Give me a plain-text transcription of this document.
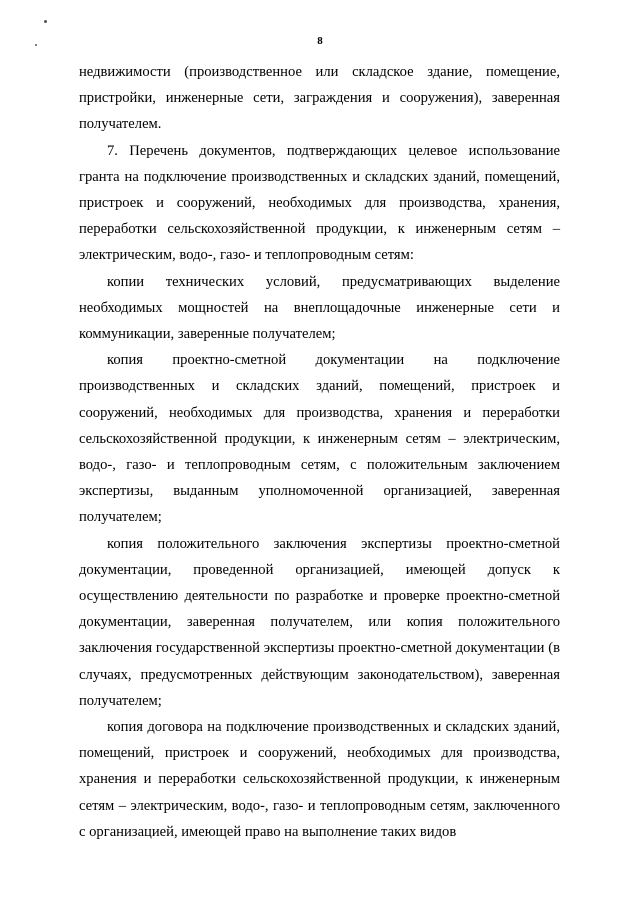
8

недвижимости (производственное или складское здание, помещение, пристройки, инженерные сети, заграждения и сооружения), заверенная получателем.

7. Перечень документов, подтверждающих целевое использование гранта на подключение производственных и складских зданий, помещений, пристроек и сооружений, необходимых для производства, хранения, переработки сельскохозяйственной продукции, к инженерным сетям – электрическим, водо-, газо- и теплопроводным сетям:

копии технических условий, предусматривающих выделение необходимых мощностей на внеплощадочные инженерные сети и коммуникации, заверенные получателем;

копия проектно-сметной документации на подключение производственных и складских зданий, помещений, пристроек и сооружений, необходимых для производства, хранения и переработки сельскохозяйственной продукции, к инженерным сетям – электрическим, водо-, газо- и теплопроводным сетям, с положительным заключением экспертизы, выданным уполномоченной организацией, заверенная получателем;

копия положительного заключения экспертизы проектно-сметной документации, проведенной организацией, имеющей допуск к осуществлению деятельности по разработке и проверке проектно-сметной документации, заверенная получателем, или копия положительного заключения государственной экспертизы проектно-сметной документации (в случаях, предусмотренных действующим законодательством), заверенная получателем;

копия договора на подключение производственных и складских зданий, помещений, пристроек и сооружений, необходимых для производства, хранения и переработки сельскохозяйственной продукции, к инженерным сетям – электрическим, водо-, газо- и теплопроводным сетям, заключенного с организацией, имеющей право на выполнение таких видов
